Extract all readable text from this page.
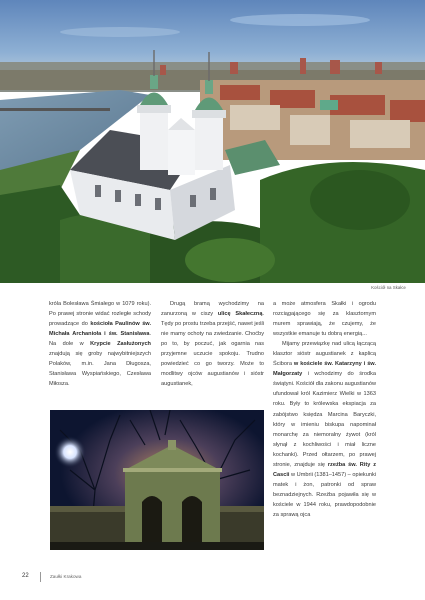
Kościół na Skałce

króla Bolesława Śmiałego w 1079 roku). Po prawej stronie widać rozległe schody prowadzące do kościoła Paulinów św. Michała Archanioła i św. Stanisława. Na dole w Krypcie Zasłużonych znajdują się groby najwybitniejszych Polaków, m.in. Jana Długosza, Stanisława Wyspiańskiego, Czesława Miłosza.

Drugą bramą wychodzimy na zanurzoną w ciszy ulicę Skałeczną. Tędy po prostu trzeba przejść, nawet jeśli nie mamy ochoty na zwiedzanie. Choćby po to, by poczuć, jak ogarnia nas przyjemne uczucie spokoju. Trudno powiedzieć co go tworzy. Może to modlitwy ojców augustianów i sióstr augustianek,

a może atmosfera Skałki i ogrodu rozciągającego się za klasztornym murem sprawiają, że czujemy, że wszystkie emanuje tu dobrą energią...

Mijamy przewiązkę nad ulicą łączącą klasztor sióstr augustianek z kaplicą Ścibora w kościele św. Katarzyny i św. Małgorzaty i wchodzimy do środka świątyni. Kościół dla zakonu augustianów ufundował król Kazimierz Wielki w 1363 roku. Były to królewska ekspiacja za zabójstwo księdza Marcina Baryczki, który w imieniu biskupa napominał monarchę za niemoralny żywot (król słynął z kochliwości i miał liczne kochanki). Przed ołtarzem, po prawej stronie, znajduje się rzeźba św. Rity z Cascii w Umbrii (1381–1457) – opiekunki matek i żon, patronki od spraw beznadziejnych. Rzeźba pojawiła się w kościele w 1944 roku, prawdopodobnie za sprawą ojca

22	Zaułki Krakowa
